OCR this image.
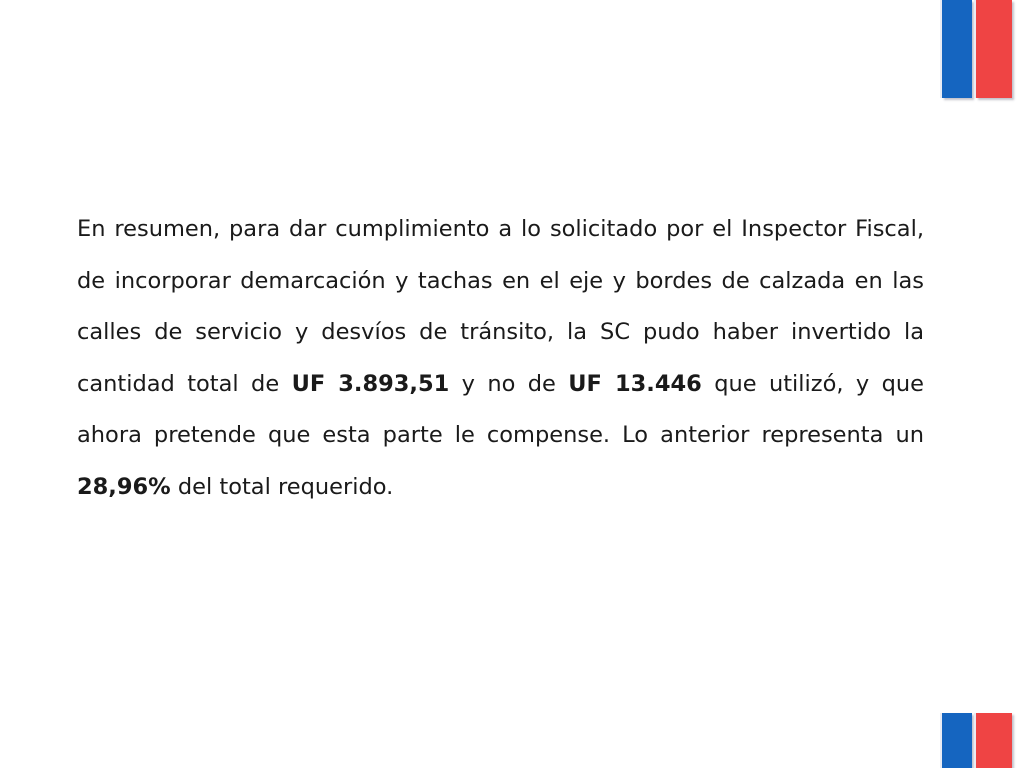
En resumen, para dar cumplimiento a lo solicitado por el Inspector Fiscal, de incorporar demarcación y tachas en el eje y bordes de calzada en las calles de servicio y desvíos de tránsito, la SC pudo haber invertido la cantidad total de UF 3.893,51 y no de UF 13.446 que utilizó, y que ahora pretende que esta parte le compense. Lo anterior representa un 28,96% del total requerido.
